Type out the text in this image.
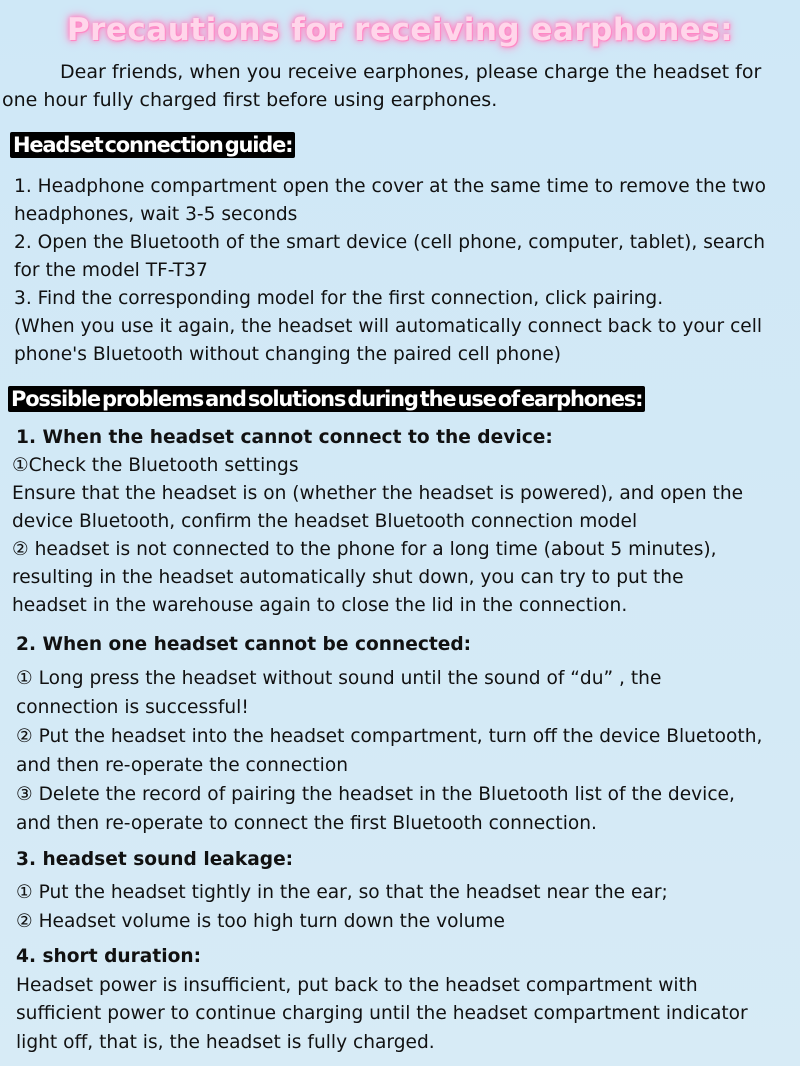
Precautions for receiving earphones:
Dear friends, when you receive earphones, please charge the headset for one hour fully charged first before using earphones.
Headset connection guide:
1. Headphone compartment open the cover at the same time to remove the two
headphones, wait 3-5 seconds
2. Open the Bluetooth of the smart device (cell phone, computer, tablet), search
for the model TF-T37
3. Find the corresponding model for the first connection, click pairing.
(When you use it again, the headset will automatically connect back to your cell
phone's Bluetooth without changing the paired cell phone)
Possible problems and solutions during the use of earphones:
1. When the headset cannot connect to the device:
①Check the Bluetooth settings
Ensure that the headset is on (whether the headset is powered), and open the
device Bluetooth, confirm the headset Bluetooth connection model
② headset is not connected to the phone for a long time (about 5 minutes),
resulting in the headset automatically shut down, you can try to put the
headset in the warehouse again to close the lid in the connection.
2. When one headset cannot be connected:
① Long press the headset without sound until the sound of “du” , the
connection is successful!
② Put the headset into the headset compartment, turn off the device Bluetooth,
and then re-operate the connection
③ Delete the record of pairing the headset in the Bluetooth list of the device,
and then re-operate to connect the first Bluetooth connection.
3. headset sound leakage:
① Put the headset tightly in the ear, so that the headset near the ear;
② Headset volume is too high turn down the volume
4. short duration:
Headset power is insufficient, put back to the headset compartment with
sufficient power to continue charging until the headset compartment indicator
light off, that is, the headset is fully charged.
